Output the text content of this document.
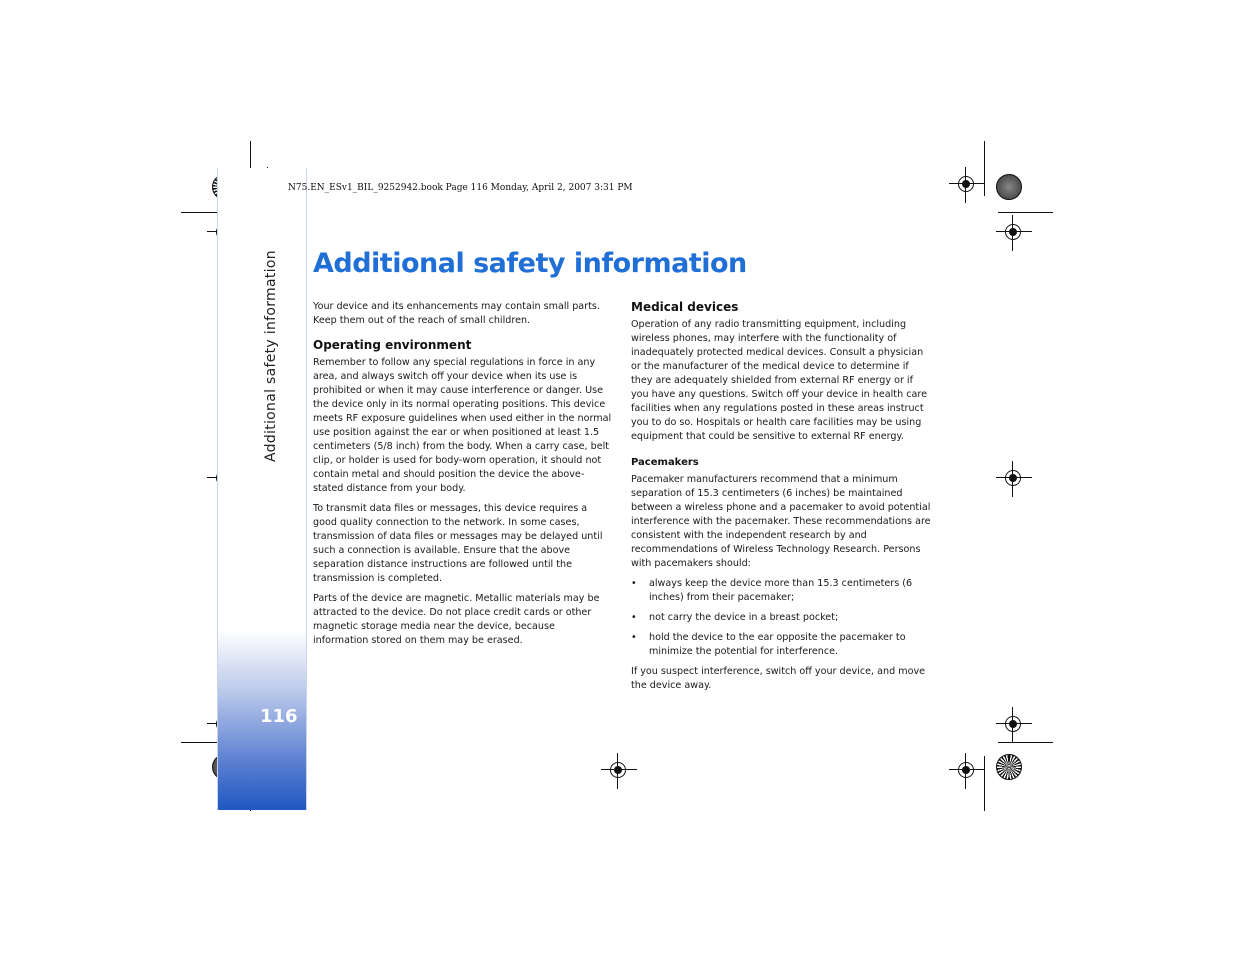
Additional safety information
116
N75.EN_ESv1_BIL_9252942.book Page 116 Monday, April 2, 2007 3:31 PM
Additional safety information

Your device and its enhancements may contain small parts. Keep them out of the reach of small children.

Operating environment

Remember to follow any special regulations in force in any area, and always switch off your device when its use is prohibited or when it may cause interference or danger. Use the device only in its normal operating positions. This device meets RF exposure guidelines when used either in the normal use position against the ear or when positioned at least 1.5 centimeters (5/8 inch) from the body. When a carry case, belt clip, or holder is used for body-worn operation, it should not contain metal and should position the device the above-stated distance from your body.

To transmit data files or messages, this device requires a good quality connection to the network. In some cases, transmission of data files or messages may be delayed until such a connection is available. Ensure that the above separation distance instructions are followed until the transmission is completed.

Parts of the device are magnetic. Metallic materials may be attracted to the device. Do not place credit cards or other magnetic storage media near the device, because information stored on them may be erased.

Medical devices

Operation of any radio transmitting equipment, including wireless phones, may interfere with the functionality of inadequately protected medical devices. Consult a physician or the manufacturer of the medical device to determine if they are adequately shielded from external RF energy or if you have any questions. Switch off your device in health care facilities when any regulations posted in these areas instruct you to do so. Hospitals or health care facilities may be using equipment that could be sensitive to external RF energy.

Pacemakers

Pacemaker manufacturers recommend that a minimum separation of 15.3 centimeters (6 inches) be maintained between a wireless phone and a pacemaker to avoid potential interference with the pacemaker. These recommendations are consistent with the independent research by and recommendations of Wireless Technology Research. Persons with pacemakers should:

• always keep the device more than 15.3 centimeters (6 inches) from their pacemaker;
• not carry the device in a breast pocket;
• hold the device to the ear opposite the pacemaker to minimize the potential for interference.

If you suspect interference, switch off your device, and move the device away.
